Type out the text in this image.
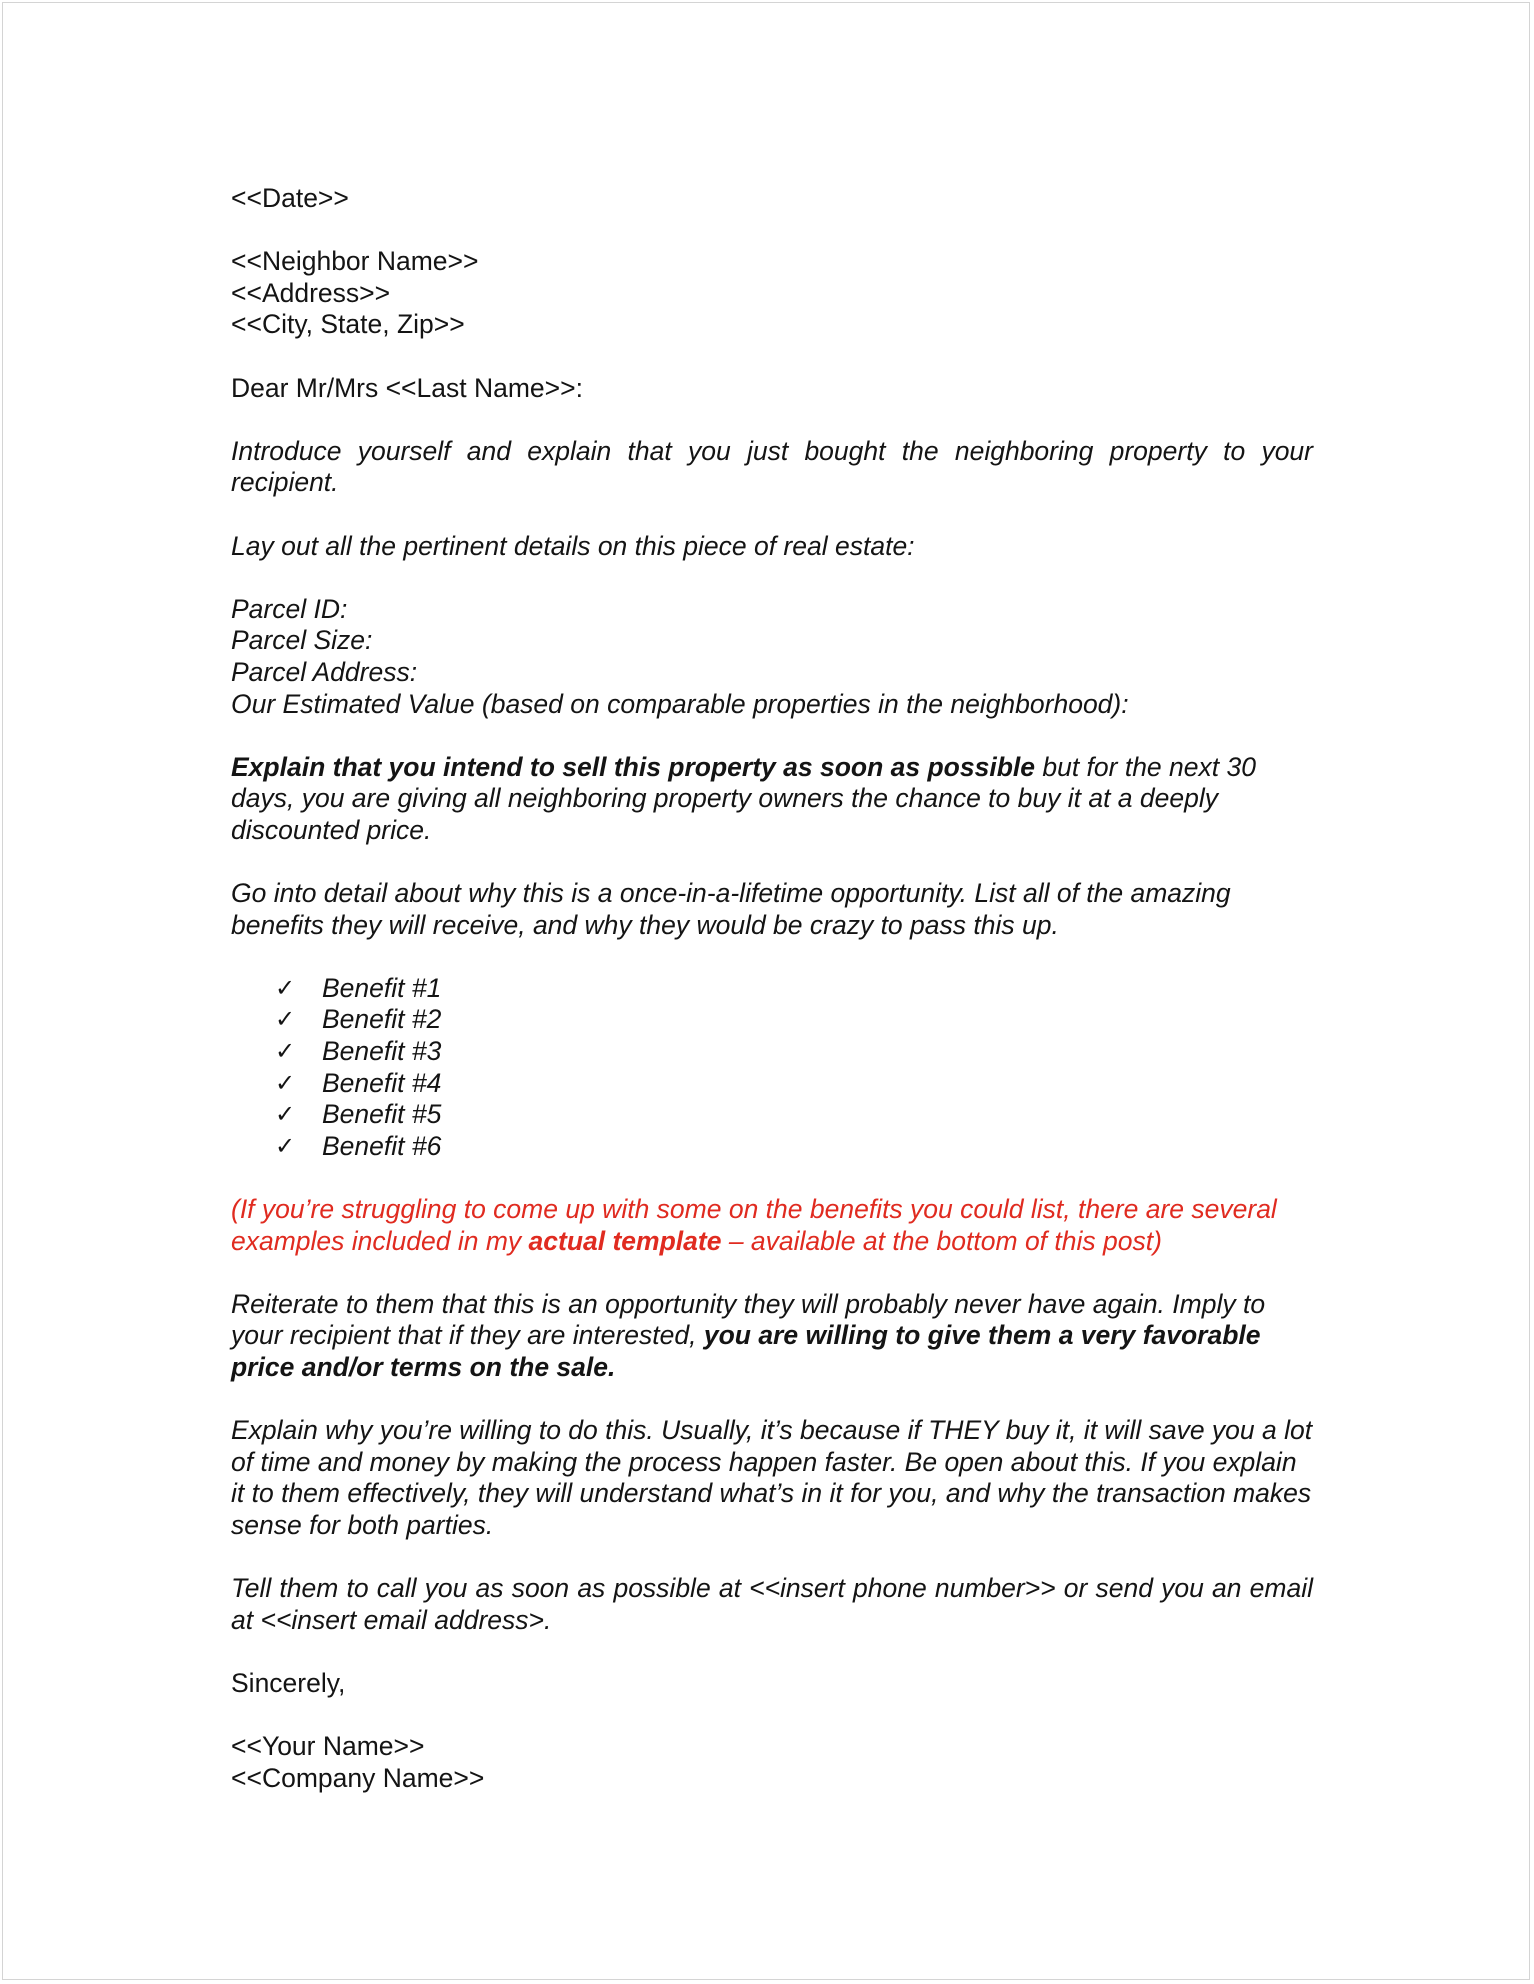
<<Date>>

<<Neighbor Name>>

<<Address>>

<<City, State, Zip>>

Dear Mr/Mrs <<Last Name>>:

Introduce yourself and explain that you just bought the neighboring property to your recipient.

Lay out all the pertinent details on this piece of real estate:

Parcel ID:

Parcel Size:

Parcel Address:

Our Estimated Value (based on comparable properties in the neighborhood):

Explain that you intend to sell this property as soon as possible but for the next 30 days, you are giving all neighboring property owners the chance to buy it at a deeply discounted price.

Go into detail about why this is a once-in-a-lifetime opportunity. List all of the amazing benefits they will receive, and why they would be crazy to pass this up.

✓ Benefit #1
✓ Benefit #2
✓ Benefit #3
✓ Benefit #4
✓ Benefit #5
✓ Benefit #6

(If you’re struggling to come up with some on the benefits you could list, there are several examples included in my actual template – available at the bottom of this post)

Reiterate to them that this is an opportunity they will probably never have again. Imply to your recipient that if they are interested, you are willing to give them a very favorable price and/or terms on the sale.

Explain why you’re willing to do this. Usually, it’s because if THEY buy it, it will save you a lot of time and money by making the process happen faster. Be open about this. If you explain it to them effectively, they will understand what’s in it for you, and why the transaction makes sense for both parties.

Tell them to call you as soon as possible at <<insert phone number>> or send you an email at <<insert email address>.

Sincerely,

<<Your Name>>

<<Company Name>>
